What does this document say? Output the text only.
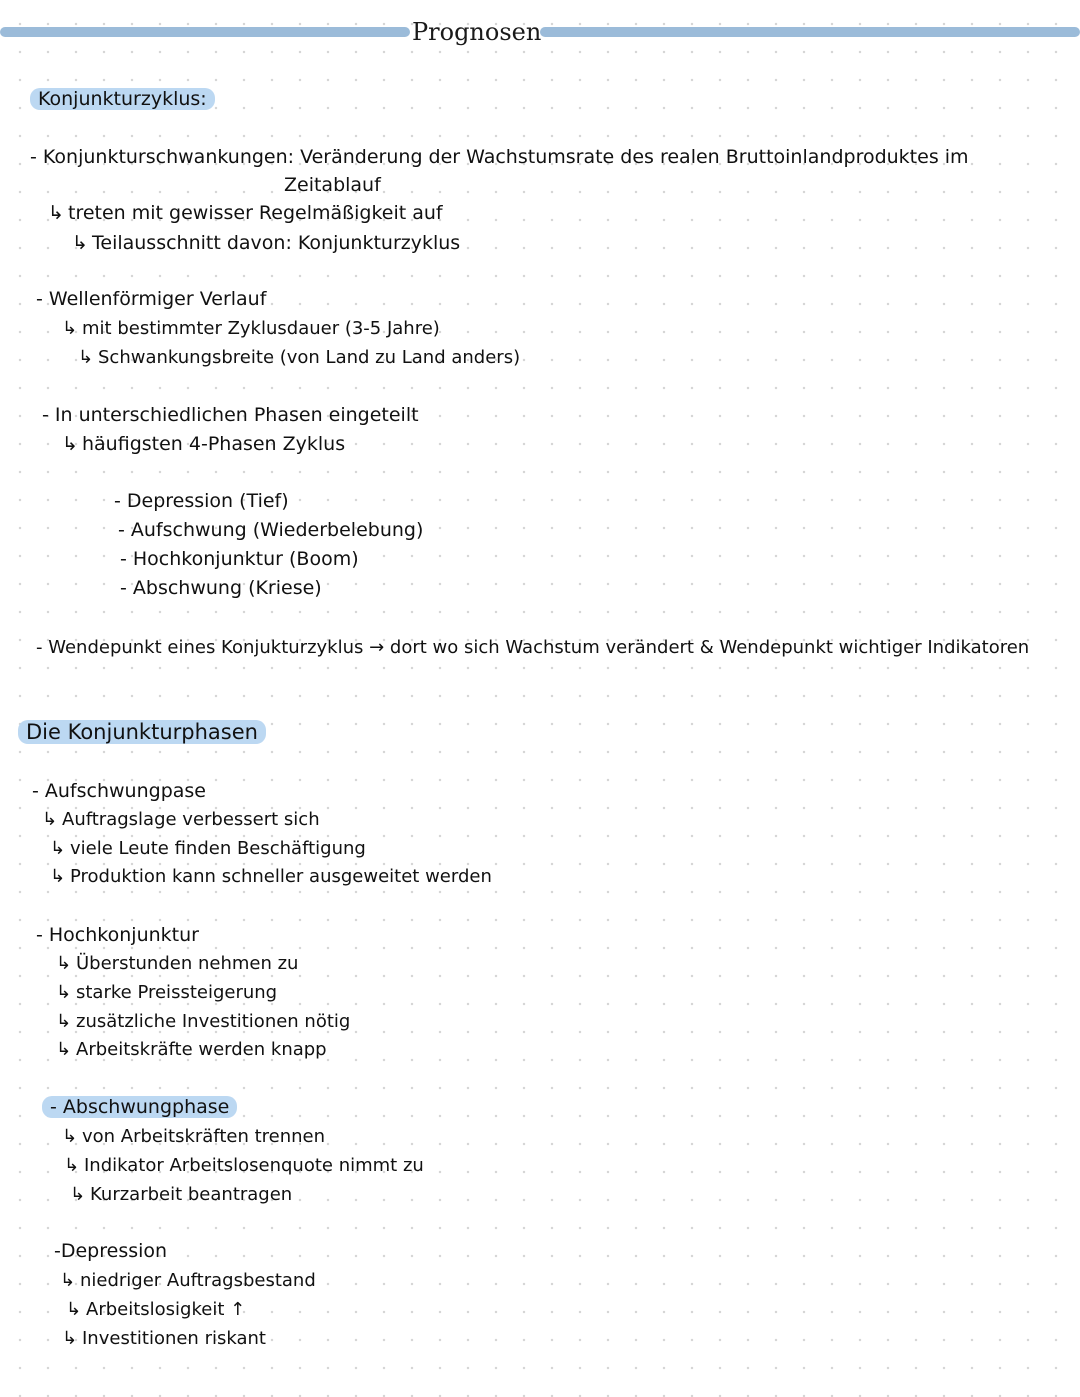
Prognosen
Konjunkturzyklus:
- Konjunkturschwankungen: Veränderung der Wachstumsrate des realen Bruttoinlandproduktes im
Zeitablauf
↳ treten mit gewisser Regelmäßigkeit auf
↳ Teilausschnitt davon: Konjunkturzyklus
- Wellenförmiger Verlauf
↳ mit bestimmter Zyklusdauer (3-5 Jahre)
↳ Schwankungsbreite (von Land zu Land anders)
- In unterschiedlichen Phasen eingeteilt
↳ häufigsten 4-Phasen Zyklus
- Depression (Tief)
- Aufschwung (Wiederbelebung)
- Hochkonjunktur (Boom)
- Abschwung (Kriese)
- Wendepunkt eines Konjukturzyklus → dort wo sich Wachstum verändert & Wendepunkt wichtiger Indikatoren
Die Konjunkturphasen
- Aufschwungpase
↳ Auftragslage verbessert sich
↳ viele Leute finden Beschäftigung
↳ Produktion kann schneller ausgeweitet werden
- Hochkonjunktur
↳ Überstunden nehmen zu
↳ starke Preissteigerung
↳ zusätzliche Investitionen nötig
↳ Arbeitskräfte werden knapp
- Abschwungphase
↳ von Arbeitskräften trennen
↳ Indikator Arbeitslosenquote nimmt zu
↳ Kurzarbeit beantragen
-Depression
↳ niedriger Auftragsbestand
↳ Arbeitslosigkeit ↑
↳ Investitionen riskant
